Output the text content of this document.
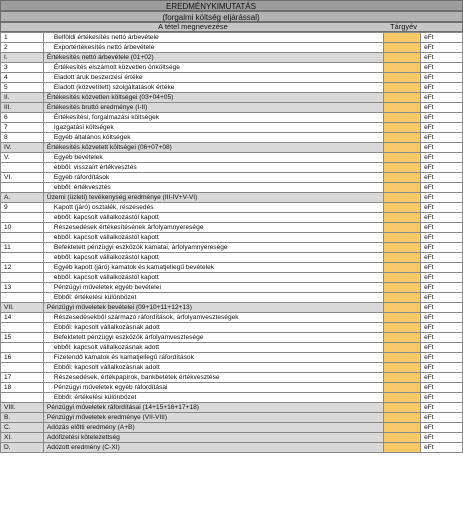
EREDMÉNYKIMUTATÁS
(forgalmi költség eljárással)
A tétel megnevezése	Tárgyév
1	Belföldi értékesítés nettó árbevétele		eFt
2	Exportértékesítés nettó árbevétele		eFt
I.	Értékesítés nettó árbevétele (01+02)		eFt
3	Értékesítés elszámolt közvetlen önköltsége		eFt
4	Eladott áruk beszerzési értéke		eFt
5	Eladott (közvetített) szolgáltatások értéke		eFt
II.	Értékesítés közvetlen költségei (03+04+05)		eFt
III.	Értékesítés bruttó eredménye (I-II)		eFt
6	Értékesítési, forgalmazási költségek		eFt
7	Igazgatási költségek		eFt
8	Egyéb általános költségek		eFt
IV.	Értékesítés közvetett költségei (06+07+08)		eFt
V.	Egyéb bevételek		eFt
	ebből: visszaírt értékvesztés		eFt
VI.	Egyéb ráfordítások		eFt
	ebből: értékvesztés		eFt
A.	Üzemi (üzleti) tevékenység eredménye (III-IV+V-VI)		eFt
9	Kapott (járó) osztalék, részesedés		eFt
	ebből: kapcsolt vállalkozástól kapott		eFt
10	Részesedések értékesítésének árfolyamnyeresége		eFt
	ebből: kapcsolt vállalkozástól kapott		eFt
11	Befektetett pénzügyi eszközök kamatai, árfolyamnyeresége		eFt
	ebből: kapcsolt vállalkozástól kapott		eFt
12	Egyéb kapott (járó) kamatok és kamatjellegű bevételek		eFt
	ebből: kapcsolt vállalkozástól kapott		eFt
13	Pénzügyi műveletek egyéb bevételei		eFt
	Ebből: értékelési különbözet		eFt
VII.	Pénzügyi műveletek bevételei (09+10+11+12+13)		eFt
14	Részesedésekből származó ráfordítások, árfolyamveszteségek		eFt
	Ebből: kapcsolt vállalkozásnak adott		eFt
15	Befektetett pénzügyi eszközök árfolyamvesztesége		eFt
	ebből: kapcsolt vállalkozásnak adott		eFt
16	Fizetendő kamatok és kamatjellegű ráfordítások		eFt
	Ebből: kapcsolt vállalkozásnak adott		eFt
17	Részesedések, értékpapírok, bankbetétek értékvesztése		eFt
18	Pénzügyi műveletek egyéb ráfordításai		eFt
	Ebből: értékelési különbözet		eFt
VIII.	Pénzügyi műveletek ráfordításai (14+15+16+17+18)		eFt
B.	Pénzügyi műveletek eredménye (VII-VIII)		eFt
C.	Adózás előtti eredmény (A+B)		eFt
XI.	Adófizetési kötelezettség		eFt
D.	Adózott eredmény (C-XI)		eFt
